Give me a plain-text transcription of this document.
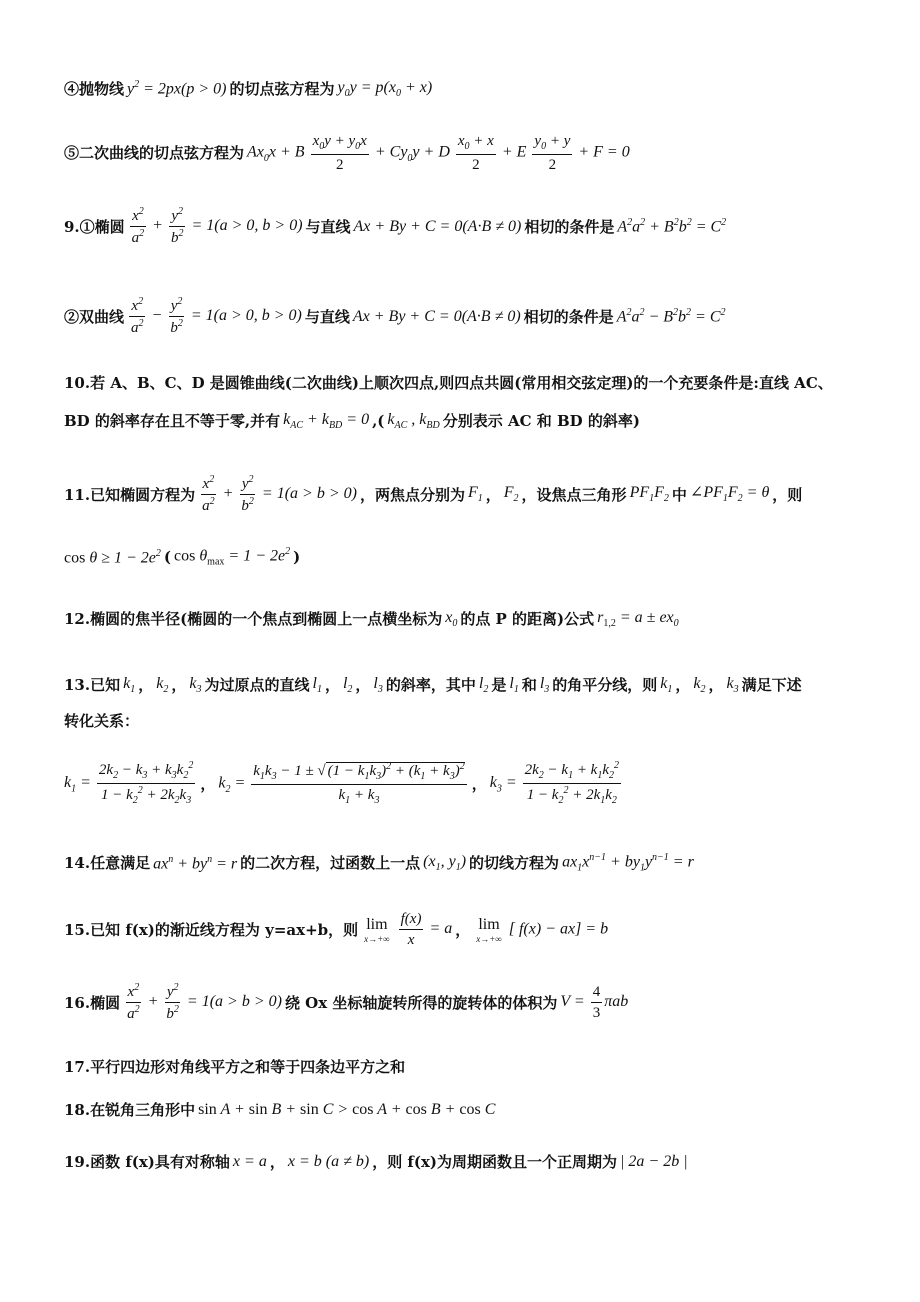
④抛物线 $y^2 = 2px(p > 0)$ 的切点弦方程为 $y_0y = p(x_0 + x)$
⑤二次曲线的切点弦方程为 $Ax_0x + B \frac{x_0y + y_0x}{2} + Cy_0y + D \frac{x_0 + x}{2} + E \frac{y_0 + y}{2} + F = 0$
9.①椭圆 $\frac{x^2}{a^2} + \frac{y^2}{b^2} = 1(a > 0$, b > 0) 与直线 Ax + By + C = 0(A·B ≠ 0) 相切的条件是 $A^2a^2 + B^2b^2 = C^2$
②双曲线 $\frac{x^2}{a^2} - \frac{y^2}{b^2} = 1(a > 0$, b > 0) 与直线 Ax + By + C = 0(A·B ≠ 0) 相切的条件是 $A^2a^2 - B^2b^2 = C^2$
10.若 A、B、C、D 是圆锥曲线(二次曲线)上顺次四点,则四点共圆(常用相交弦定理)的一个充要条件是:直线 AC、
BD 的斜率存在且不等于零,并有 $k_{AC} + k_{BD} = 0$ ,( $k_{AC}$ , $k_{BD}$ 分别表示 AC 和 BD 的斜率)
11.已知椭圆方程为 $\frac{x^2}{a^2} + \frac{y^2}{b^2} = 1(a > b > 0)$ ，两焦点分别为 $F_1$ ， $F_2$ ，设焦点三角形 $PF_1F_2$ 中 $\angle PF_1F_2 = \theta$ ，则
$\cos \theta \ge 1 - 2e^2$ ( $\cos \theta_{max} = 1 - 2e^2$ )
12.椭圆的焦半径(椭圆的一个焦点到椭圆上一点横坐标为 $x_0$ 的点 P 的距离)公式 $r_{1,2} = a \pm ex_0$
13.已知 $k_1$ ， $k_2$ ， $k_3$ 为过原点的直线 $l_1$ ， $l_2$ ， $l_3$ 的斜率，其中 $l_2$ 是 $l_1$ 和 $l_3$ 的角平分线，则 $k_1$ ， $k_2$ ， $k_3$ 满足下述
转化关系：
$k_1 = \frac{2k_2 - k_3 + k_3k_2^2}{1 - k_2^2 + 2k_2k_3}$ ， $k_2 = \frac{k_1k_3 - 1 \pm √ (1 - k_1k_3)^2 + (k_1 + k_3)^2}{k_1 + k_3}$ ， $k_3 = \frac{2k_2 - k_1 + k_1k_2^2}{1 - k_2^2 + 2k_1k_2}$
14.任意满足 $ax^n + by^n = r$ 的二次方程，过函数上一点 ($x_1$, $y_1$) 的切线方程为 $ax_1x^{n-1} + by_1y^{n-1} = r$
15.已知 f(x)的渐近线方程为 y=ax+b，则 lim
x→+∞
$\frac{f(x)}{x} = a$ ， lim
x→+∞
[ f(x) − ax] = b
16.椭圆 $\frac{x^2}{a^2} + \frac{y^2}{b^2} = 1(a > b > 0)$ 绕 Ox 坐标轴旋转所得的旋转体的体积为 $V = \frac{4}{3}$ πab
17.平行四边形对角线平方之和等于四条边平方之和
18.在锐角三角形中 sin A + sin B + sin C > cos A + cos B + cos C
19.函数 f(x)具有对称轴 x = a ， x = b (a ≠ b) ，则 f(x)为周期函数且一个正周期为 | 2a − 2b |
